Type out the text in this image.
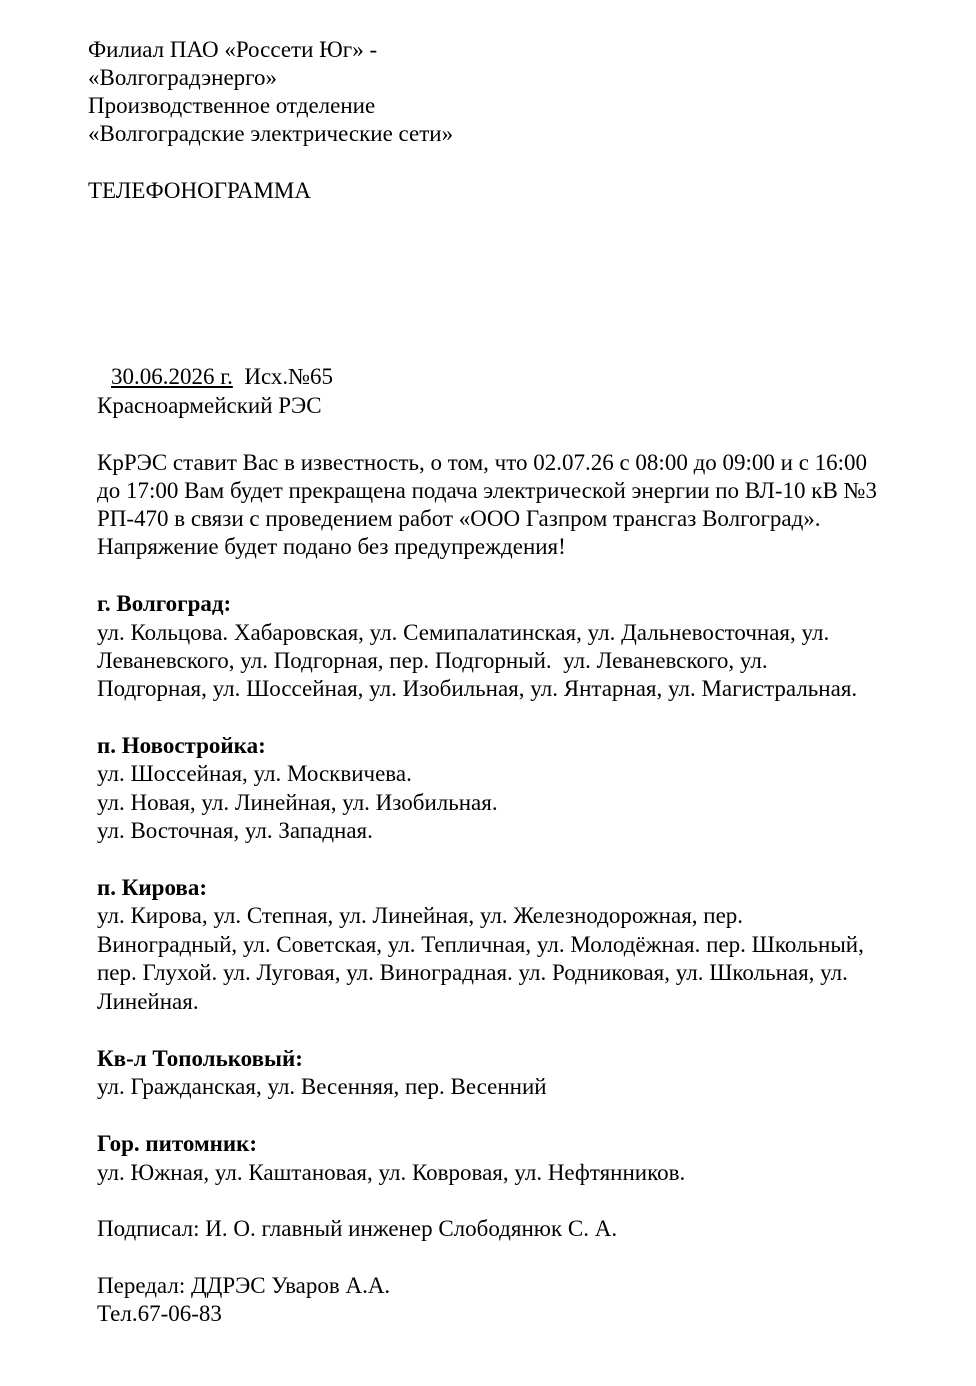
Филиал ПАО «Россети Юг» -
«Волгоградэнерго»
Производственное отделение
«Волгоградские электрические сети»
ТЕЛЕФОНОГРАММА

30.06.2026 г. Исх.№65

Красноармейский РЭС
КрРЭС ставит Вас в известность, о том, что 02.07.26 с 08:00 до 09:00 и с 16:00
до 17:00 Вам будет прекращена подача электрической энергии по ВЛ-10 кВ №3
РП-470 в связи с проведением работ «ООО Газпром трансгаз Волгоград».
Напряжение будет подано без предупреждения!
г. Волгоград:
ул. Кольцова. Хабаровская, ул. Семипалатинская, ул. Дальневосточная, ул.
Леваневского, ул. Подгорная, пер. Подгорный.  ул. Леваневского, ул.
Подгорная, ул. Шоссейная, ул. Изобильная, ул. Янтарная, ул. Магистральная.
п. Новостройка:
ул. Шоссейная, ул. Москвичева.
ул. Новая, ул. Линейная, ул. Изобильная.
ул. Восточная, ул. Западная.
п. Кирова:
ул. Кирова, ул. Степная, ул. Линейная, ул. Железнодорожная, пер.
Виноградный, ул. Советская, ул. Тепличная, ул. Молодёжная. пер. Школьный,
пер. Глухой. ул. Луговая, ул. Виноградная. ул. Родниковая, ул. Школьная, ул.
Линейная.
Кв-л Топольковый:
ул. Гражданская, ул. Весенняя, пер. Весенний
Гор. питомник:
ул. Южная, ул. Каштановая, ул. Ковровая, ул. Нефтянников.
Подписал: И. О. главный инженер Слободянюк С. А.
Передал: ДДРЭС Уваров А.А.
Тел.67-06-83
